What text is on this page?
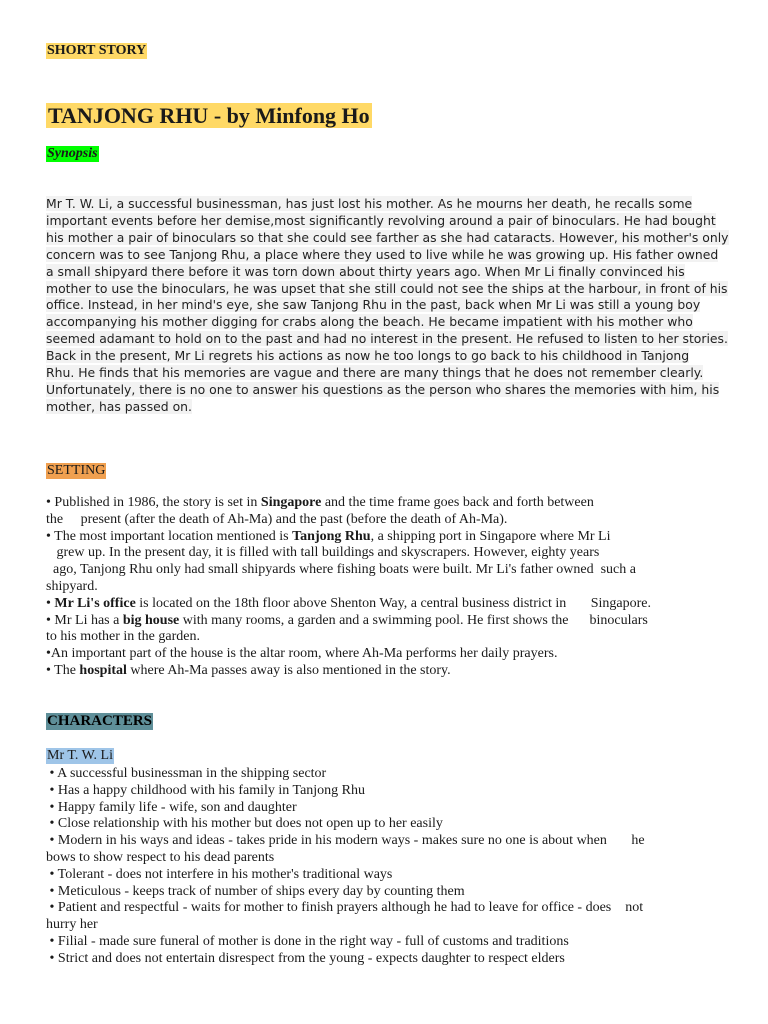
SHORT STORY
TANJONG RHU - by Minfong Ho
Synopsis
Mr T. W. Li, a successful businessman, has just lost his mother. As he mourns her death, he recalls some
important events before her demise,most significantly revolving around a pair of binoculars. He had bought
his mother a pair of binoculars so that she could see farther as she had cataracts. However, his mother's only
concern was to see Tanjong Rhu, a place where they used to live while he was growing up. His father owned
a small shipyard there before it was torn down about thirty years ago. When Mr Li finally convinced his
mother to use the binoculars, he was upset that she still could not see the ships at the harbour, in front of his
office. Instead, in her mind's eye, she saw Tanjong Rhu in the past, back when Mr Li was still a young boy
accompanying his mother digging for crabs along the beach. He became impatient with his mother who
seemed adamant to hold on to the past and had no interest in the present. He refused to listen to her stories.
Back in the present, Mr Li regrets his actions as now he too longs to go back to his childhood in Tanjong
Rhu. He finds that his memories are vague and there are many things that he does not remember clearly.
Unfortunately, there is no one to answer his questions as the person who shares the memories with him, his
mother, has passed on.
SETTING
• Published in 1986, the story is set in Singapore and the time frame goes back and forth between
the     present (after the death of Ah-Ma) and the past (before the death of Ah-Ma).
• The most important location mentioned is Tanjong Rhu, a shipping port in Singapore where Mr Li
grew up. In the present day, it is filled with tall buildings and skyscrapers. However, eighty years
ago, Tanjong Rhu only had small shipyards where fishing boats were built. Mr Li's father owned  such a
shipyard.
• Mr Li's office is located on the 18th floor above Shenton Way, a central business district in       Singapore.
• Mr Li has a big house with many rooms, a garden and a swimming pool. He first shows the      binoculars
to his mother in the garden.
•An important part of the house is the altar room, where Ah-Ma performs her daily prayers.
• The hospital where Ah-Ma passes away is also mentioned in the story.
CHARACTERS
Mr T. W. Li
• A successful businessman in the shipping sector
• Has a happy childhood with his family in Tanjong Rhu
• Happy family life - wife, son and daughter
• Close relationship with his mother but does not open up to her easily
• Modern in his ways and ideas - takes pride in his modern ways - makes sure no one is about when       he
bows to show respect to his dead parents
• Tolerant - does not interfere in his mother's traditional ways
• Meticulous - keeps track of number of ships every day by counting them
• Patient and respectful - waits for mother to finish prayers although he had to leave for office - does    not
hurry her
• Filial - made sure funeral of mother is done in the right way - full of customs and traditions
• Strict and does not entertain disrespect from the young - expects daughter to respect elders
